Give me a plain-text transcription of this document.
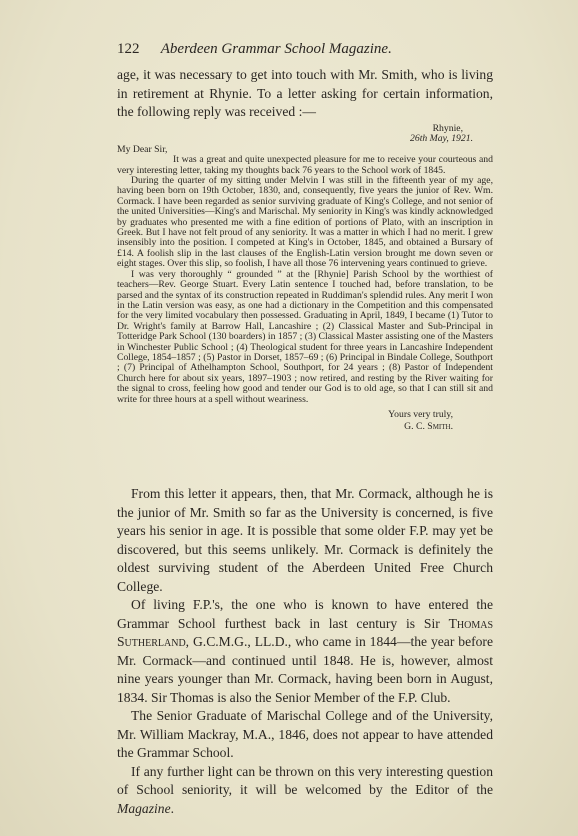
122 Aberdeen Grammar School Magazine.

age, it was necessary to get into touch with Mr. Smith, who is living in retirement at Rhynie. To a letter asking for certain information, the following reply was received :—

Rhynie,
26th May, 1921.

My Dear Sir,

It was a great and quite unexpected pleasure for me to receive your courteous and very interesting letter, taking my thoughts back 76 years to the School work of 1845.

During the quarter of my sitting under Melvin I was still in the fifteenth year of my age, having been born on 19th October, 1830, and, consequently, five years the junior of Rev. Wm. Cormack. I have been regarded as senior surviving graduate of King's College, and not senior of the united Universities—King's and Marischal. My seniority in King's was kindly acknowledged by graduates who presented me with a fine edition of portions of Plato, with an inscription in Greek. But I have not felt proud of any seniority. It was a matter in which I had no merit. I grew insensibly into the position. I competed at King's in October, 1845, and obtained a Bursary of £14. A foolish slip in the last clauses of the English-Latin version brought me down seven or eight stages. Over this slip, so foolish, I have all those 76 intervening years continued to grieve.

I was very thoroughly “ grounded ” at the [Rhynie] Parish School by the worthiest of teachers—Rev. George Stuart. Every Latin sentence I touched had, before translation, to be parsed and the syntax of its construction repeated in Ruddiman's splendid rules. Any merit I won in the Latin version was easy, as one had a dictionary in the Competition and this compensated for the very limited vocabulary then possessed. Graduating in April, 1849, I became (1) Tutor to Dr. Wright's family at Barrow Hall, Lancashire ; (2) Classical Master and Sub-Principal in Totteridge Park School (130 boarders) in 1857 ; (3) Classical Master assisting one of the Masters in Winchester Public School ; (4) Theological student for three years in Lancashire Independent College, 1854–1857 ; (5) Pastor in Dorset, 1857–69 ; (6) Principal in Bindale College, Southport ; (7) Principal of Athelhampton School, Southport, for 24 years ; (8) Pastor of Independent Church here for about six years, 1897–1903 ; now retired, and resting by the River waiting for the signal to cross, feeling how good and tender our God is to old age, so that I can still sit and write for three hours at a spell without weariness.

Yours very truly,
G. C. Smith.

From this letter it appears, then, that Mr. Cormack, although he is the junior of Mr. Smith so far as the University is concerned, is five years his senior in age. It is possible that some older F.P. may yet be discovered, but this seems unlikely. Mr. Cormack is definitely the oldest surviving student of the Aberdeen United Free Church College.

Of living F.P.'s, the one who is known to have entered the Grammar School furthest back in last century is Sir Thomas Sutherland, G.C.M.G., LL.D., who came in 1844—the year before Mr. Cormack—and continued until 1848. He is, however, almost nine years younger than Mr. Cormack, having been born in August, 1834. Sir Thomas is also the Senior Member of the F.P. Club.

The Senior Graduate of Marischal College and of the University, Mr. William Mackray, M.A., 1846, does not appear to have attended the Grammar School.

If any further light can be thrown on this very interesting question of School seniority, it will be welcomed by the Editor of the Magazine.
